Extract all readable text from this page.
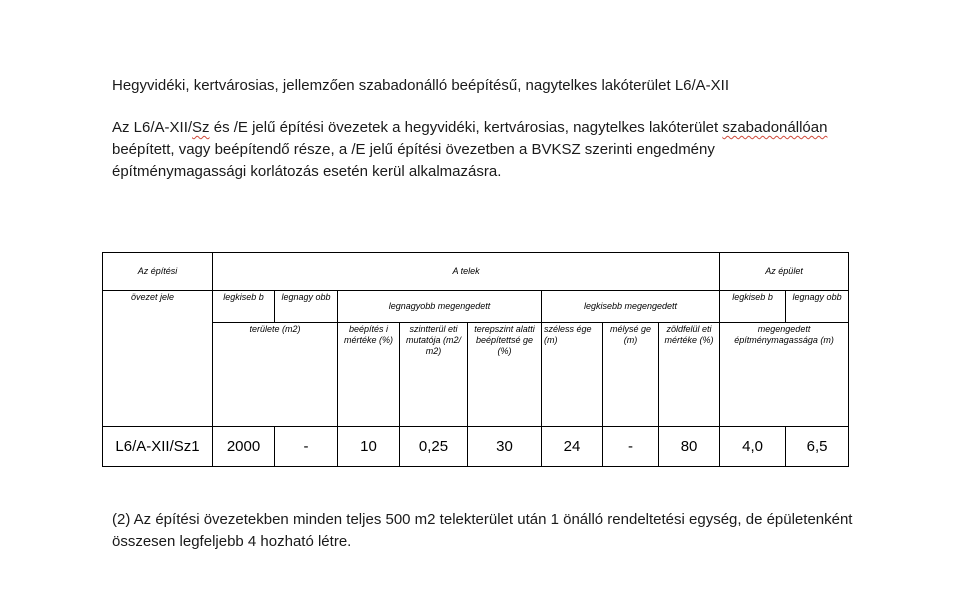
Hegyvidéki, kertvárosias, jellemzően szabadonálló beépítésű, nagytelkes lakóterület L6/A-XII
Az L6/A-XII/Sz és /E jelű építési övezetek a hegyvidéki, kertvárosias, nagytelkes lakóterület szabadonállóan beépített, vagy beépítendő része, a /E jelű építési övezetben a BVKSZ szerinti engedmény építménymagassági korlátozás esetén kerül alkalmazásra.
Az építési	A telek								Az épület	
övezet jele	legkiseb b	legnagy obb	legnagyobb megengedett			legkisebb megengedett			legkiseb b	legnagy obb
	területe (m2)		beépítés i mértéke (%)	szintterül eti mutatója (m2/ m2)	terepszint alatti beépítettsé ge (%)	széless ége (m)	mélysé ge (m)	zöldfelül eti mértéke (%)	megengedett építménymagassága (m)	
L6/A-XII/Sz1	2000	-	10	0,25	30	24	-	80	4,0	6,5
(2) Az építési övezetekben minden teljes 500 m2 telekterület után 1 önálló rendeltetési egység, de épületenként összesen legfeljebb 4 hozható létre.
